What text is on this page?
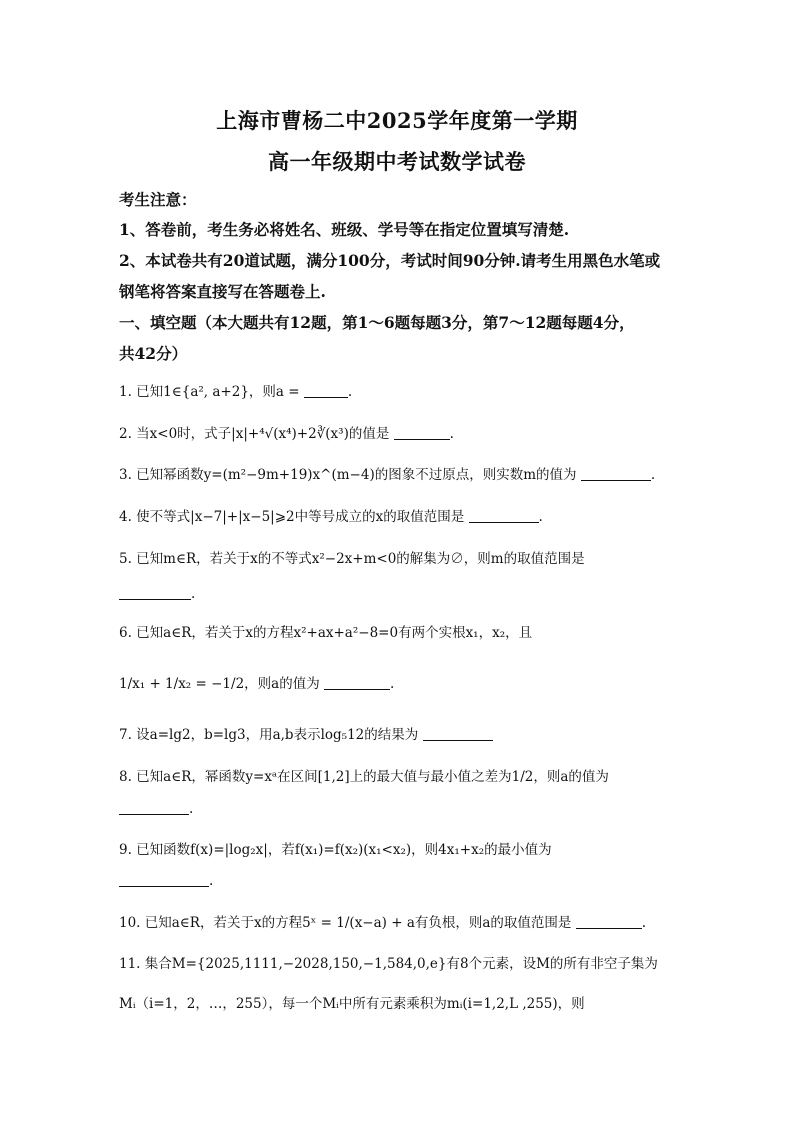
上海市曹杨二中2025学年度第一学期
高一年级期中考试数学试卷
考生注意：
1、答卷前，考生务必将姓名、班级、学号等在指定位置填写清楚.
2、本试卷共有20道试题，满分100分，考试时间90分钟.请考生用黑色水笔或
钢笔将答案直接写在答题卷上.
一、填空题（本大题共有12题，第1～6题每题3分，第7～12题每题4分，
共42分）
1. 已知1∈{a², a+2}，则a =	.
2. 当x<0时，式子|x|+⁴√(x⁴)+2∛(x³)的值是	.
3. 已知幂函数y=(m²−9m+19)x^(m−4)的图象不过原点，则实数m的值为	.
4. 使不等式|x−7|+|x−5|⩾2中等号成立的x的取值范围是	.
5. 已知m∈R，若关于x的不等式x²−2x+m<0的解集为∅，则m的取值范围是
.
6. 已知a∈R，若关于x的方程x²+ax+a²−8=0有两个实根x₁，x₂，且
1/x₁ + 1/x₂ = −1/2，则a的值为	.
7. 设a=lg2，b=lg3，用a,b表示log₅12的结果为
8. 已知a∈R，幂函数y=xᵃ在区间[1,2]上的最大值与最小值之差为1/2，则a的值为
.
9. 已知函数f(x)=|log₂x|，若f(x₁)=f(x₂)(x₁<x₂)，则4x₁+x₂的最小值为
.
10. 已知a∈R，若关于x的方程5ˣ = 1/(x−a) + a有负根，则a的取值范围是	.
11. 集合M={2025,1111,−2028,150,−1,584,0,e}有8个元素，设M的所有非空子集为
Mᵢ（i=1，2，…，255），每一个Mᵢ中所有元素乘积为mᵢ(i=1,2,L ,255)，则
